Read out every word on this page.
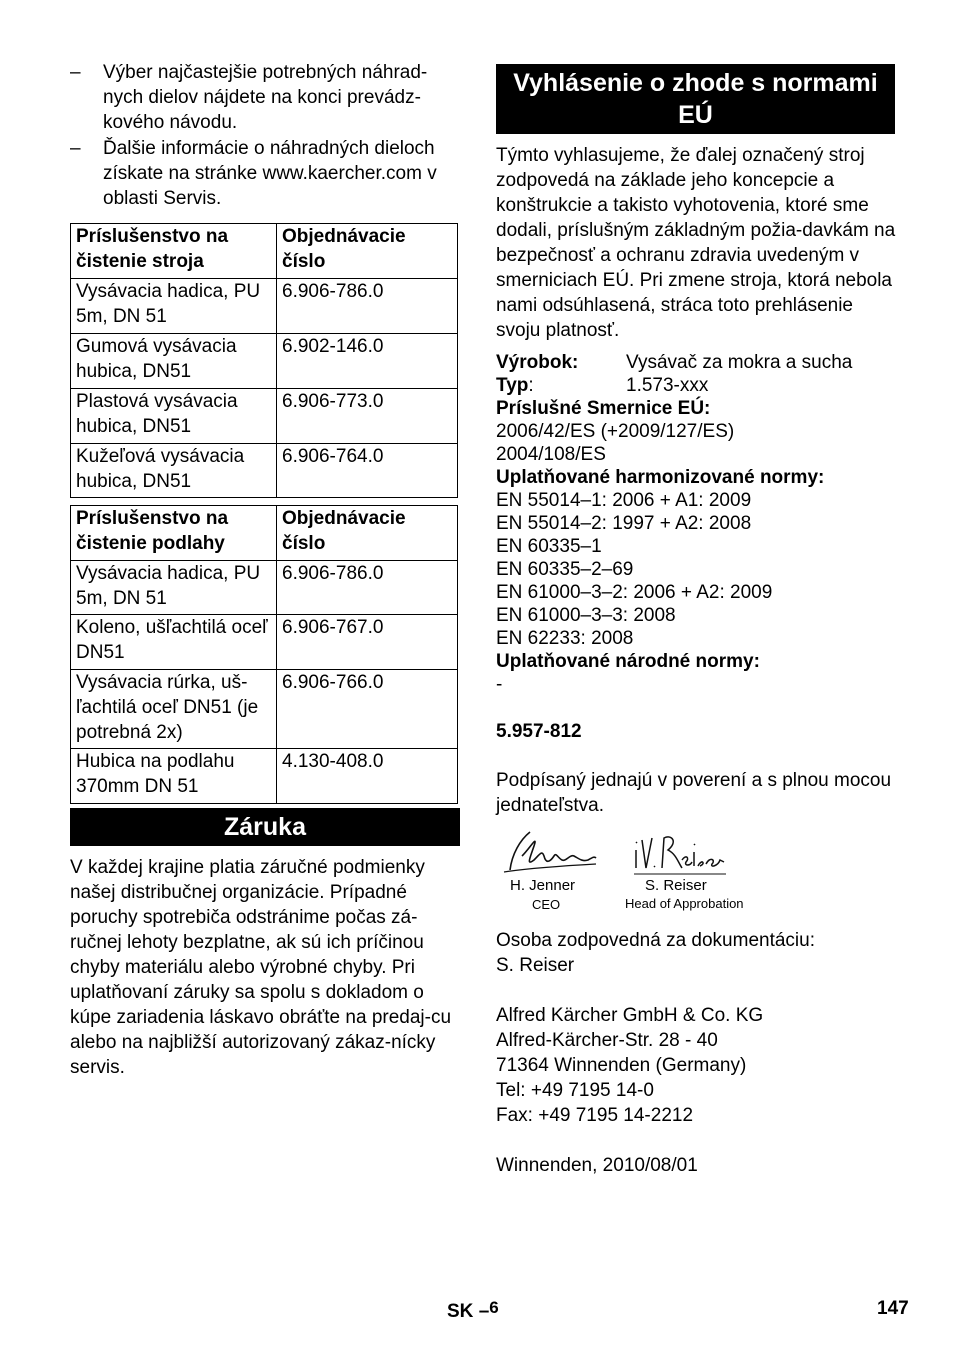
–	Výber najčastejšie potrebných náhrad-nych dielov nájdete na konci prevádz-kového návodu.
–	Ďalšie informácie o náhradných dieloch získate na stránke www.kaercher.com v oblasti Servis.
Príslušenstvo na čistenie stroja	Objednávacie číslo
Vysávacia hadica, PU 5m, DN 51	6.906-786.0
Gumová vysávacia hubica, DN51	6.902-146.0
Plastová vysávacia hubica, DN51	6.906-773.0
Kužeľová vysávacia hubica, DN51	6.906-764.0
Príslušenstvo na čistenie podlahy	Objednávacie číslo
Vysávacia hadica, PU 5m, DN 51	6.906-786.0
Koleno, ušľachtilá oceľ DN51	6.906-767.0
Vysávacia rúrka, uš-ľachtilá oceľ DN51 (je potrebná 2x)	6.906-766.0
Hubica na podlahu 370mm DN 51	4.130-408.0
Záruka
V každej krajine platia záručné podmienky našej distribučnej organizácie. Prípadné poruchy spotrebiča odstránime počas zá-ručnej lehoty bezplatne, ak sú ich príčinou chyby materiálu alebo výrobné chyby. Pri uplatňovaní záruky sa spolu s dokladom o kúpe zariadenia láskavo obráťte na predaj-cu alebo na najbližší autorizovaný zákaz-nícky servis.
Vyhlásenie o zhode s normami EÚ
Týmto vyhlasujeme, že ďalej označený stroj zodpovedá na základe jeho koncepcie a konštrukcie a takisto vyhotovenia, ktoré sme dodali, príslušným základným požia-davkám na bezpečnosť a ochranu zdravia uvedeným v smerniciach EÚ. Pri zmene stroja, ktorá nebola nami odsúhlasená, stráca toto prehlásenie svoju platnosť.
Výrobok:	Vysávač za mokra a sucha
Typ:	1.573-xxx
Príslušné Smernice EÚ:
2006/42/ES (+2009/127/ES)
2004/108/ES
Uplatňované harmonizované normy:
EN 55014–1: 2006 + A1: 2009
EN 55014–2: 1997 + A2: 2008
EN 60335–1
EN 60335–2–69
EN 61000–3–2: 2006 + A2: 2009
EN 61000–3–3: 2008
EN 62233: 2008
Uplatňované národné normy:
-
5.957-812
Podpísaný jednajú v poverení a s plnou mocou jednateľstva.
H. Jenner
CEO
S. Reiser
Head of Approbation
Osoba zodpovedná za dokumentáciu:
S. Reiser
Alfred Kärcher GmbH & Co. KG
Alfred-Kärcher-Str. 28 - 40
71364 Winnenden (Germany)
Tel: +49 7195 14-0
Fax: +49 7195 14-2212
Winnenden, 2010/08/01
SK –$^6$	147
